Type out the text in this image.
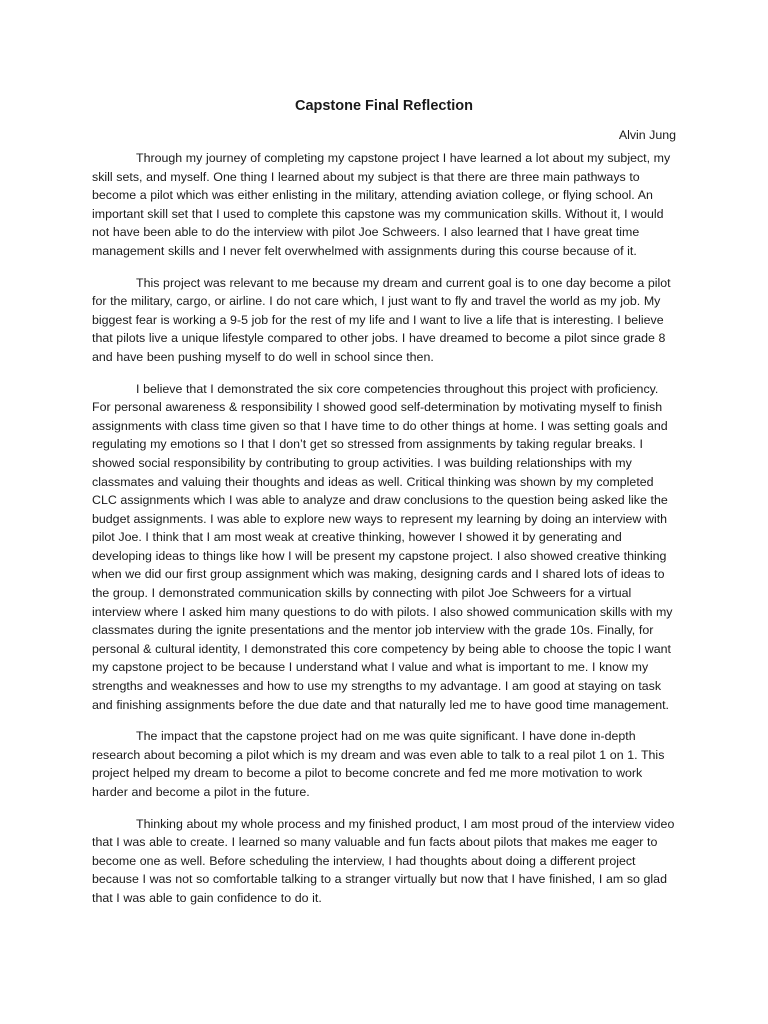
Capstone Final Reflection

Alvin Jung

Through my journey of completing my capstone project I have learned a lot about my subject, my skill sets, and myself. One thing I learned about my subject is that there are three main pathways to become a pilot which was either enlisting in the military, attending aviation college, or flying school. An important skill set that I used to complete this capstone was my communication skills. Without it, I would not have been able to do the interview with pilot Joe Schweers. I also learned that I have great time management skills and I never felt overwhelmed with assignments during this course because of it.

This project was relevant to me because my dream and current goal is to one day become a pilot for the military, cargo, or airline. I do not care which, I just want to fly and travel the world as my job. My biggest fear is working a 9-5 job for the rest of my life and I want to live a life that is interesting. I believe that pilots live a unique lifestyle compared to other jobs. I have dreamed to become a pilot since grade 8 and have been pushing myself to do well in school since then.

I believe that I demonstrated the six core competencies throughout this project with proficiency. For personal awareness & responsibility I showed good self-determination by motivating myself to finish assignments with class time given so that I have time to do other things at home. I was setting goals and regulating my emotions so I that I don’t get so stressed from assignments by taking regular breaks. I showed social responsibility by contributing to group activities. I was building relationships with my classmates and valuing their thoughts and ideas as well. Critical thinking was shown by my completed CLC assignments which I was able to analyze and draw conclusions to the question being asked like the budget assignments. I was able to explore new ways to represent my learning by doing an interview with pilot Joe. I think that I am most weak at creative thinking, however I showed it by generating and developing ideas to things like how I will be present my capstone project. I also showed creative thinking when we did our first group assignment which was making, designing cards and I shared lots of ideas to the group. I demonstrated communication skills by connecting with pilot Joe Schweers for a virtual interview where I asked him many questions to do with pilots. I also showed communication skills with my classmates during the ignite presentations and the mentor job interview with the grade 10s. Finally, for personal & cultural identity, I demonstrated this core competency by being able to choose the topic I want my capstone project to be because I understand what I value and what is important to me. I know my strengths and weaknesses and how to use my strengths to my advantage. I am good at staying on task and finishing assignments before the due date and that naturally led me to have good time management.

The impact that the capstone project had on me was quite significant. I have done in-depth research about becoming a pilot which is my dream and was even able to talk to a real pilot 1 on 1. This project helped my dream to become a pilot to become concrete and fed me more motivation to work harder and become a pilot in the future.

Thinking about my whole process and my finished product, I am most proud of the interview video that I was able to create. I learned so many valuable and fun facts about pilots that makes me eager to become one as well. Before scheduling the interview, I had thoughts about doing a different project because I was not so comfortable talking to a stranger virtually but now that I have finished, I am so glad that I was able to gain confidence to do it.
